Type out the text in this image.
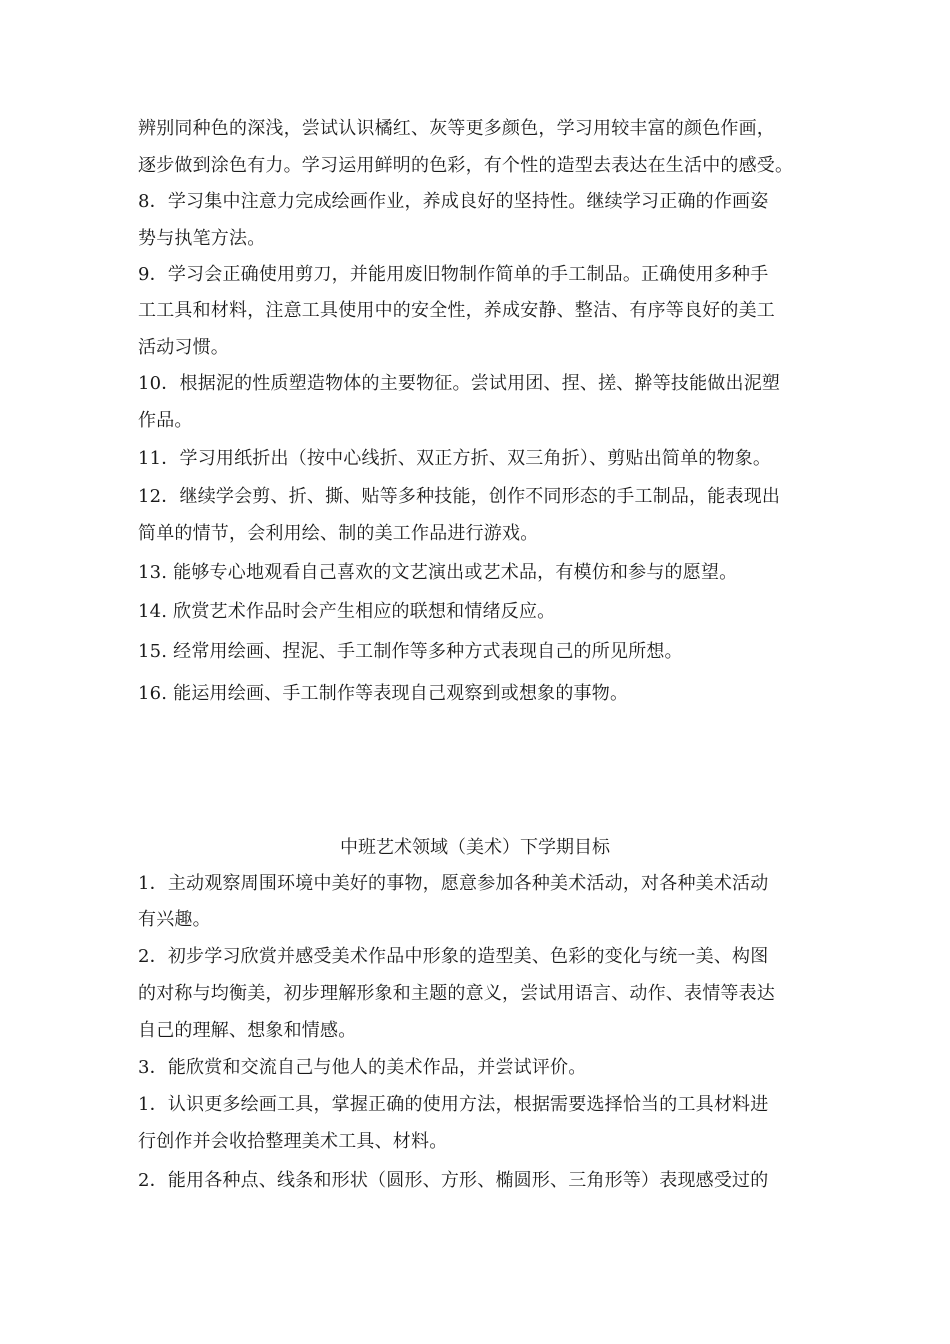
辨别同种色的深浅，尝试认识橘红、灰等更多颜色，学习用较丰富的颜色作画，
逐步做到涂色有力。学习运用鲜明的色彩，有个性的造型去表达在生活中的感受。
8．学习集中注意力完成绘画作业，养成良好的坚持性。继续学习正确的作画姿
势与执笔方法。
9．学习会正确使用剪刀，并能用废旧物制作简单的手工制品。正确使用多种手
工工具和材料，注意工具使用中的安全性，养成安静、整洁、有序等良好的美工
活动习惯。
10．根据泥的性质塑造物体的主要物征。尝试用团、捏、搓、擀等技能做出泥塑
作品。
11．学习用纸折出（按中心线折、双正方折、双三角折）、剪贴出简单的物象。
12．继续学会剪、折、撕、贴等多种技能，创作不同形态的手工制品，能表现出
简单的情节，会利用绘、制的美工作品进行游戏。
13. 能够专心地观看自己喜欢的文艺演出或艺术品，有模仿和参与的愿望。
14. 欣赏艺术作品时会产生相应的联想和情绪反应。
15. 经常用绘画、捏泥、手工制作等多种方式表现自己的所见所想。
16. 能运用绘画、手工制作等表现自己观察到或想象的事物。
中班艺术领域（美术）下学期目标
1．主动观察周围环境中美好的事物，愿意参加各种美术活动，对各种美术活动
有兴趣。
2．初步学习欣赏并感受美术作品中形象的造型美、色彩的变化与统一美、构图
的对称与均衡美，初步理解形象和主题的意义，尝试用语言、动作、表情等表达
自己的理解、想象和情感。
3．能欣赏和交流自己与他人的美术作品，并尝试评价。
1．认识更多绘画工具，掌握正确的使用方法，根据需要选择恰当的工具材料进
行创作并会收拾整理美术工具、材料。
2．能用各种点、线条和形状（圆形、方形、椭圆形、三角形等）表现感受过的
